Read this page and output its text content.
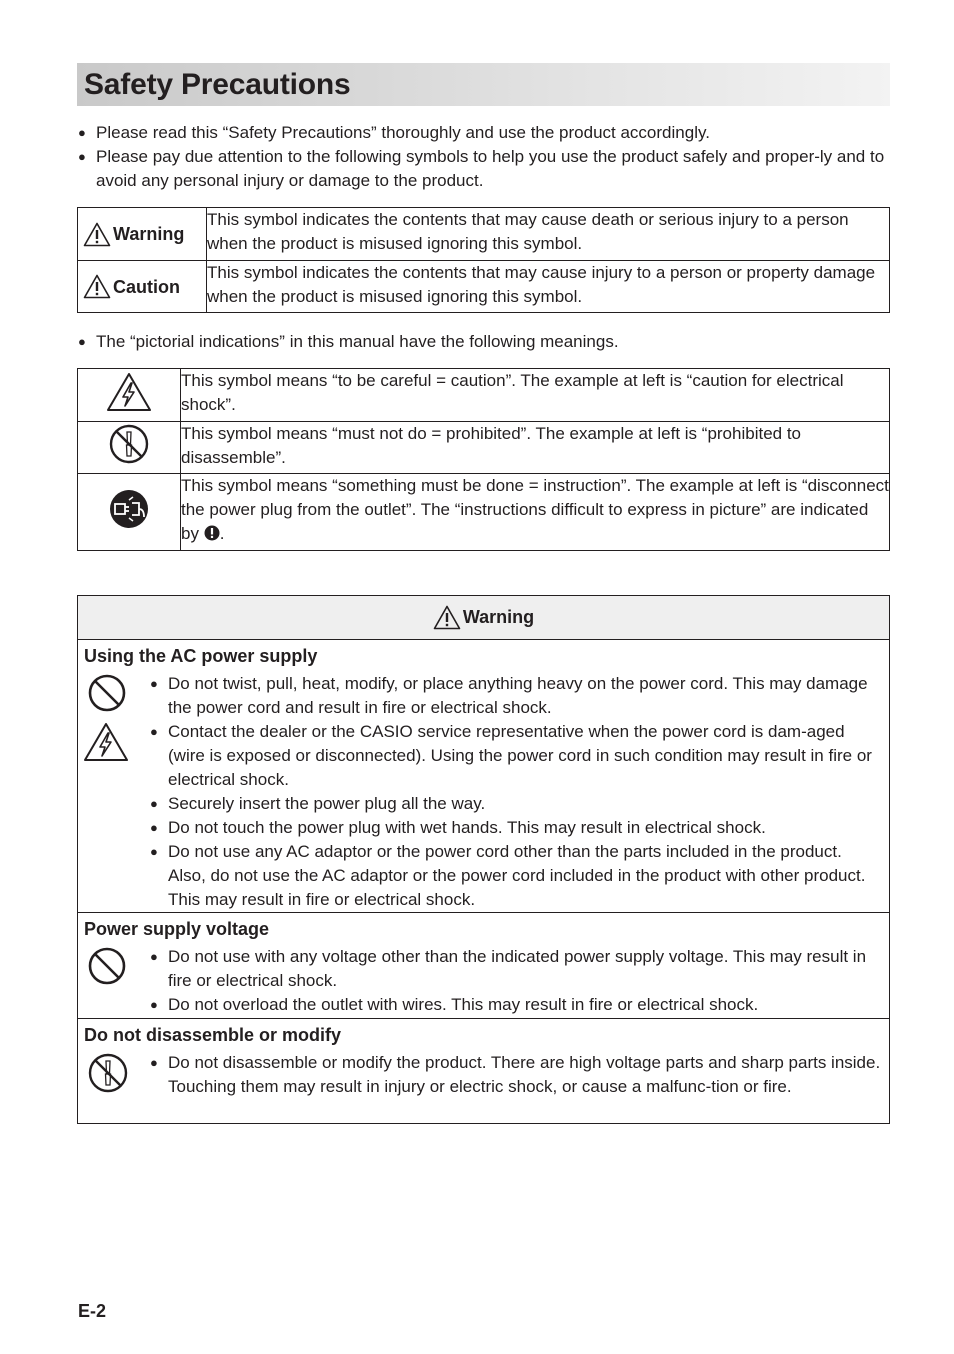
Safety Precautions
● Please read this “Safety Precautions” thoroughly and use the product accordingly.
● Please pay due attention to the following symbols to help you use the product safely and proper-ly and to avoid any personal injury or damage to the product.
Warning	This symbol indicates the contents that may cause death or serious injury to a person when the product is misused ignoring this symbol.

Caution	This symbol indicates the contents that may cause injury to a person or property damage when the product is misused ignoring this symbol.
● The “pictorial indications” in this manual have the following meanings.
	This symbol means “to be careful = caution”. The example at left is “caution for electrical shock”.
	This symbol means “must not do = prohibited”. The example at left is “prohibited to disassemble”.
	This symbol means “something must be done = instruction”. The example at left is “disconnect the power plug from the outlet”. The “instructions difficult to express in picture” are indicated by .
Warning
Using the AC power supply
● Do not twist, pull, heat, modify, or place anything heavy on the power cord. This may damage the power cord and result in fire or electrical shock.
● Contact the dealer or the CASIO service representative when the power cord is dam-aged (wire is exposed or disconnected). Using the power cord in such condition may result in fire or electrical shock.
● Securely insert the power plug all the way.
● Do not touch the power plug with wet hands. This may result in electrical shock.
● Do not use any AC adaptor or the power cord other than the parts included in the product. Also, do not use the AC adaptor or the power cord included in the product with other product. This may result in fire or electrical shock.
Power supply voltage
● Do not use with any voltage other than the indicated power supply voltage. This may result in fire or electrical shock.
● Do not overload the outlet with wires. This may result in fire or electrical shock.
Do not disassemble or modify
● Do not disassemble or modify the product. There are high voltage parts and sharp parts inside. Touching them may result in injury or electric shock, or cause a malfunc-tion or fire.
E-2
